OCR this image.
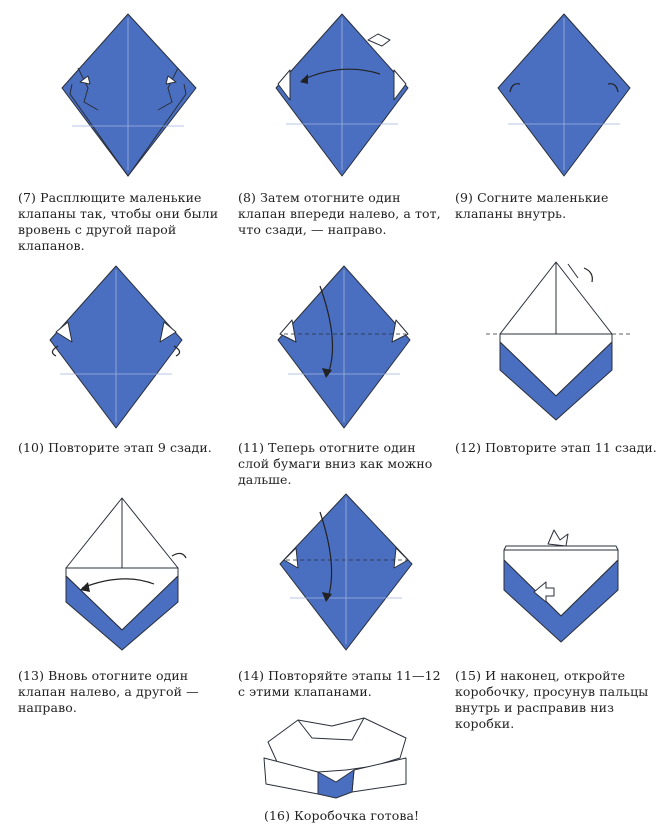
(7) Расплющите маленькие
клапаны так, чтобы они были
вровень с другой парой
клапанов.

(8) Затем отогните один
клапан впереди налево, а тот,
что сзади, — направо.

(9) Согните маленькие
клапаны внутрь.

(10) Повторите этап 9 сзади. (11) Теперь отогните один
слой бумаги вниз как можно
дальше.

(12) Повторите этап 11 сзади.

(13) Вновь отогните один
клапан налево, а другой —
направо.

(14) Повторяйте этапы 11—12
с этими клапанами.

(15) И наконец, откройте
коробочку, просунув пальцы
внутрь и расправив низ
коробки.

(16) Коробочка готова!
